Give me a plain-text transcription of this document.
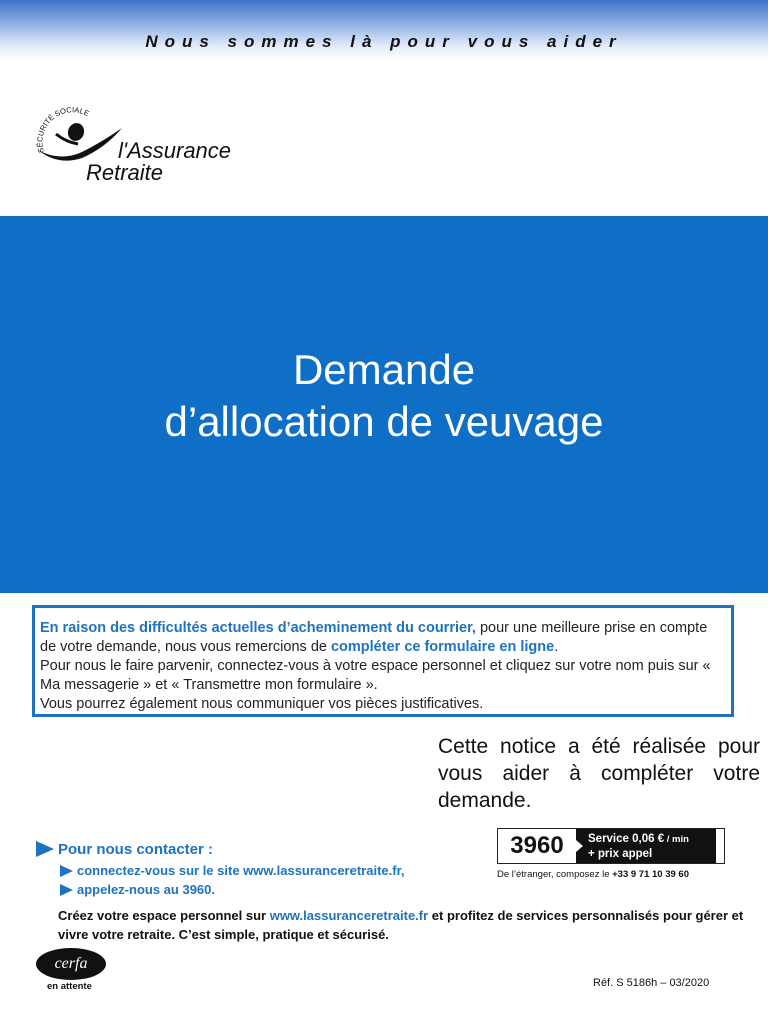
Nous sommes là pour vous aider
SÉCURITÉ SOCIALE
l'Assurance
Retraite
Demande
d’allocation de veuvage
En raison des difficultés actuelles d’acheminement du courrier, pour une meilleure prise en compte de votre demande, nous vous remercions de compléter ce formulaire en ligne.
Pour nous le faire parvenir, connectez-vous à votre espace personnel et cliquez sur votre nom puis sur « Ma messagerie » et « Transmettre mon formulaire ».
Vous pourrez également nous communiquer vos pièces justificatives.
Cette notice a été réalisée pour vous aider à compléter votre demande.
Pour nous contacter :
connectez-vous sur le site www.lassuranceretraite.fr,
appelez-nous au 3960.
3960	Service 0,06 € / min
+ prix appel
De l’étranger, composez le +33 9 71 10 39 60
Créez votre espace personnel sur www.lassuranceretraite.fr et profitez de services personnalisés pour gérer et vivre votre retraite. C’est simple, pratique et sécurisé.
cerfa
en attente	Réf. S 5186h – 03/2020
